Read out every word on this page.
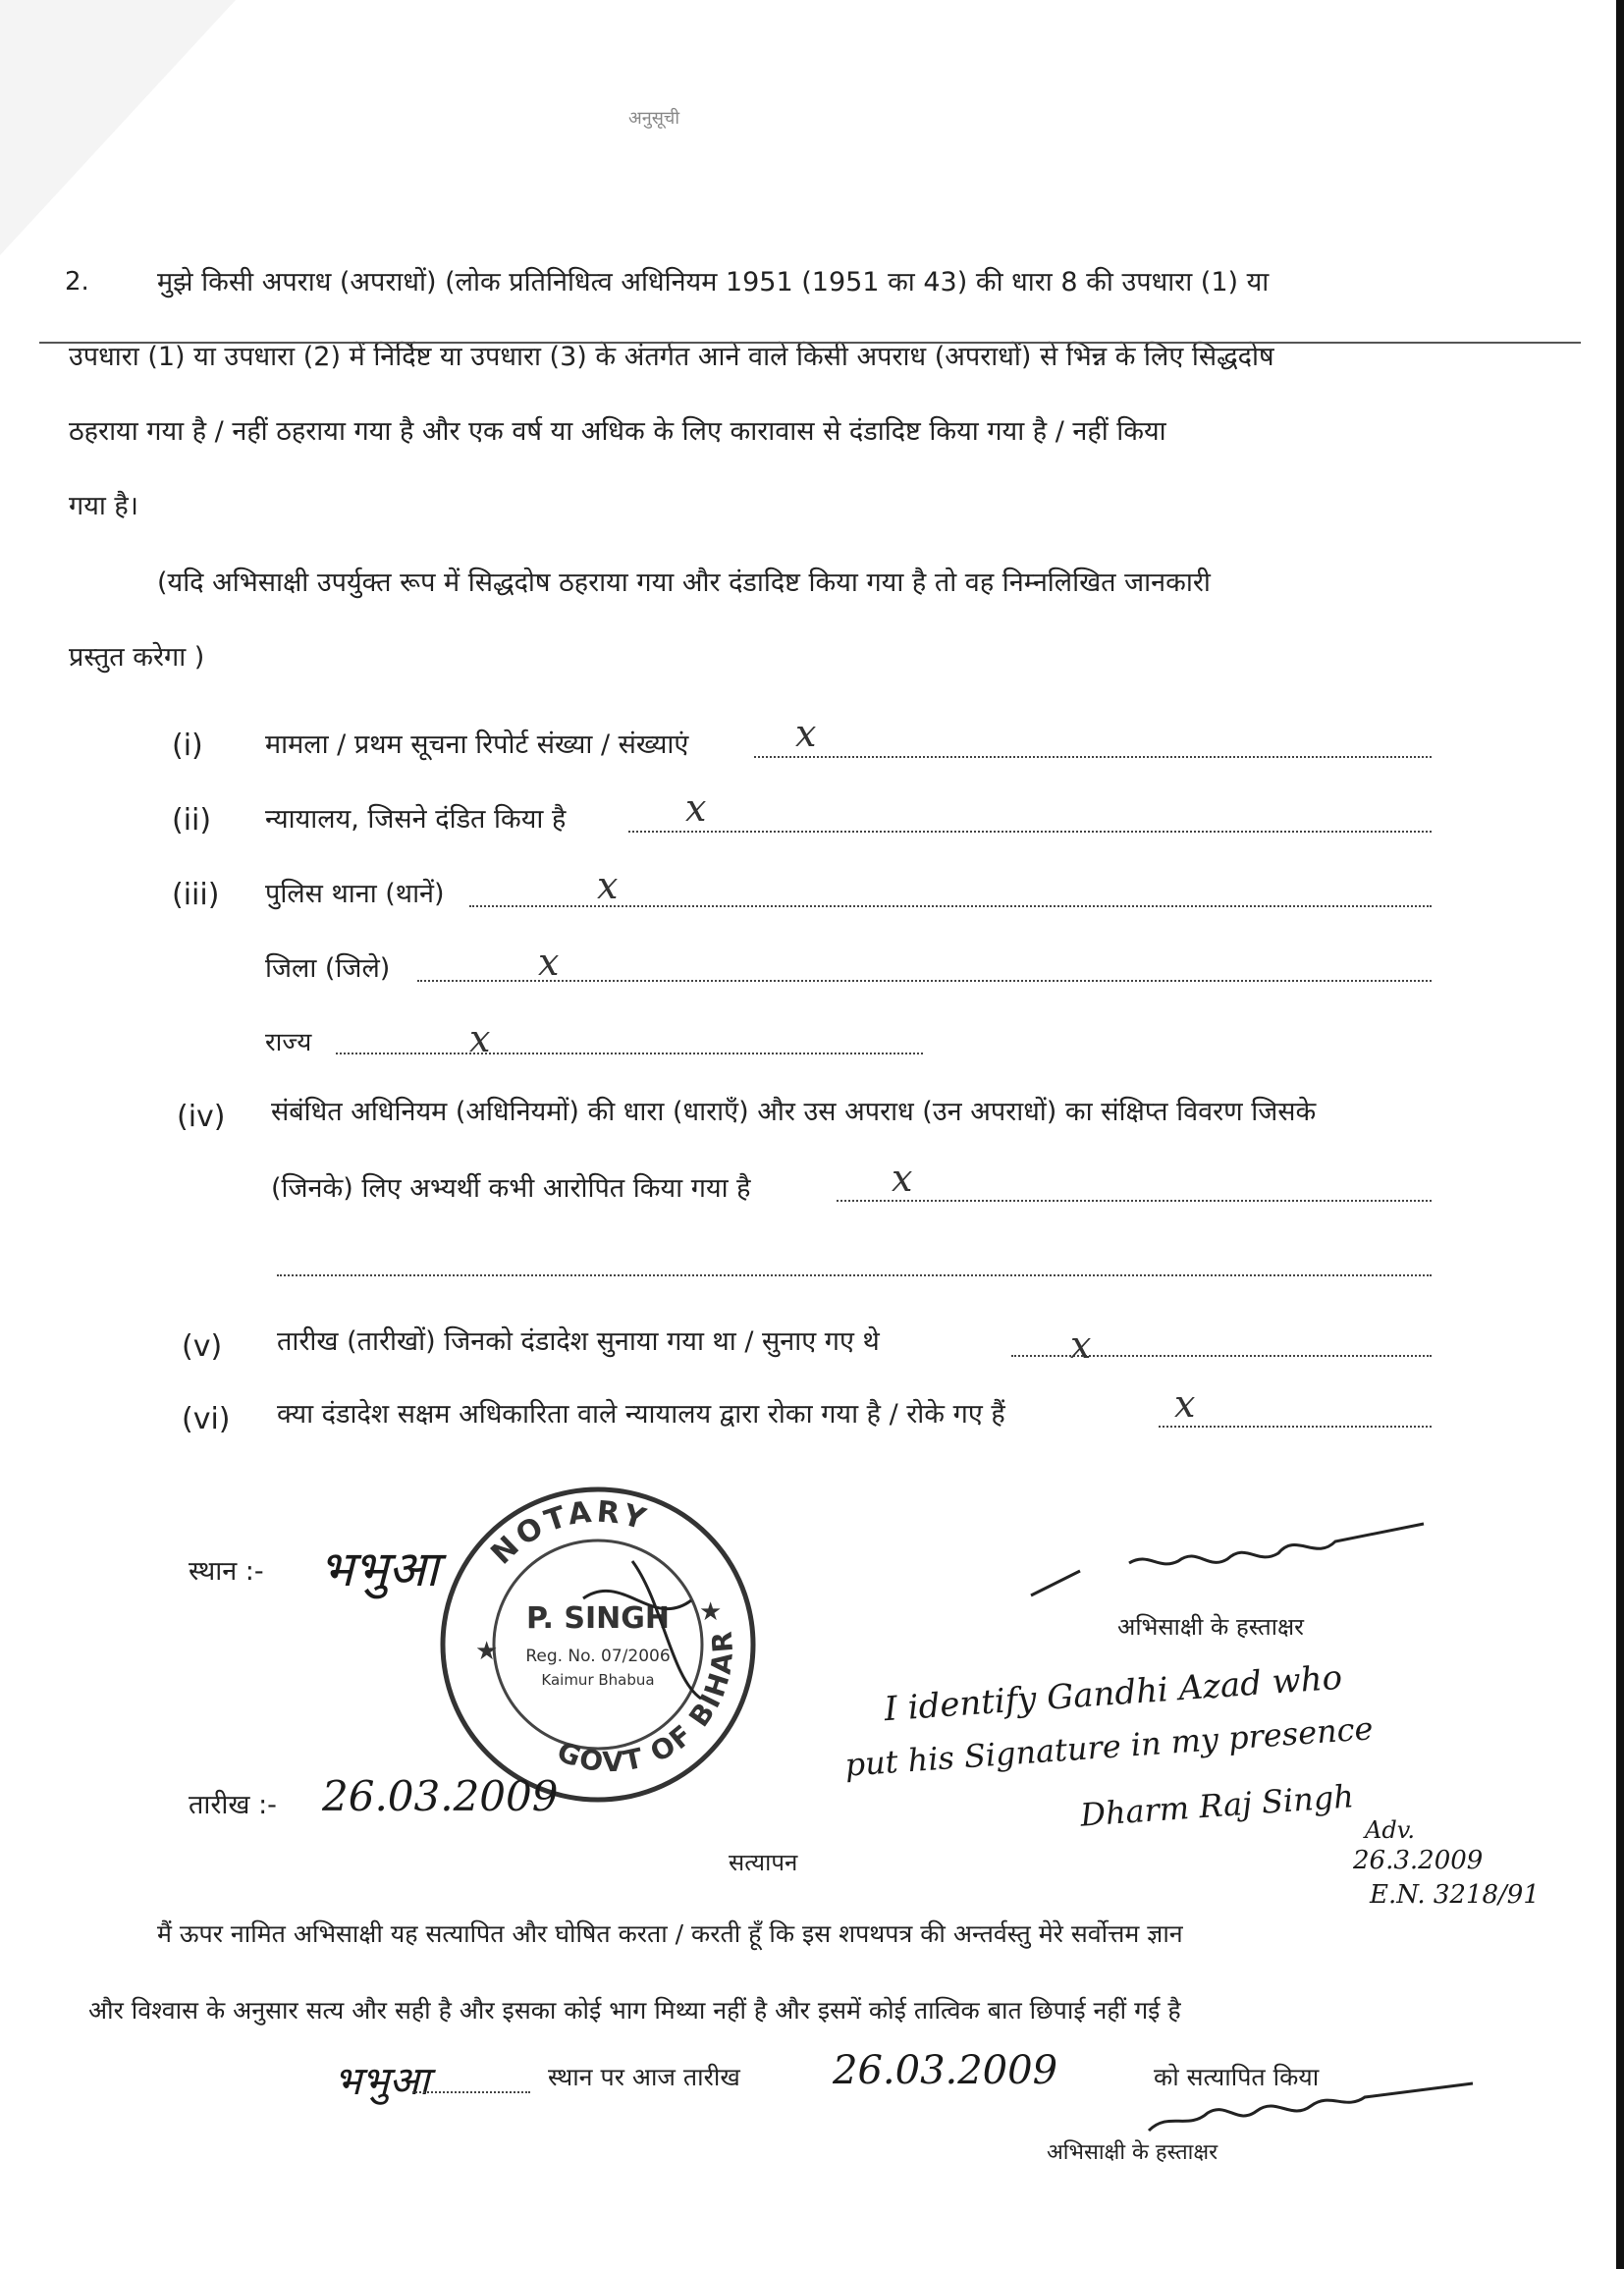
अनुसूची
2.	मुझे किसी अपराध (अपराधों) (लोक प्रतिनिधित्व अधिनियम 1951 (1951 का 43) की धारा 8 की उपधारा (1) या

उपधारा (1) या उपधारा (2) में निर्दिष्ट या उपधारा (3) के अंतर्गत आने वाले किसी अपराध (अपराधों) से भिन्न के लिए सिद्धदोष

ठहराया गया है / नहीं ठहराया गया है और एक वर्ष या अधिक के लिए कारावास से दंडादिष्ट किया गया है / नहीं किया

गया है।

(यदि अभिसाक्षी उपर्युक्त रूप में सिद्धदोष ठहराया गया और दंडादिष्ट किया गया है तो वह निम्नलिखित जानकारी

प्रस्तुत करेगा )

(i) मामला / प्रथम सूचना रिपोर्ट संख्या / संख्याएं	x
(ii) न्यायालय, जिसने दंडित किया है	x
(iii) पुलिस थाना (थानें)	x
जिला (जिले)	x
राज्य	x
(iv) संबंधित अधिनियम (अधिनियमों) की धारा (धाराएँ) और उस अपराध (उन अपराधों) का संक्षिप्त विवरण जिसके
(जिनके) लिए अभ्यर्थी कभी आरोपित किया गया है	x
(v) तारीख (तारीखों) जिनको दंडादेश सुनाया गया था / सुनाए गए थे	x
(vi) क्या दंडादेश सक्षम अधिकारिता वाले न्यायालय द्वारा रोका गया है / रोके गए हैं	x
स्थान :- भभुआ NOTARY
GOVT OF BIHAR
P. SINGH
Reg. No. 07/2006
Kaimur Bhabua
★
★	अभिसाक्षी के हस्ताक्षर
I identify Gandhi Azad who
put his Signature in my presence
Dharm Raj Singh Adv.
26.3.2009
E.N. 3218/91
तारीख :- 26.03.2009
सत्यापन

मैं ऊपर नामित अभिसाक्षी यह सत्यापित और घोषित करता / करती हूँ कि इस शपथपत्र की अन्तर्वस्तु मेरे सर्वोत्तम ज्ञान

और विश्वास के अनुसार सत्य और सही है और इसका कोई भाग मिथ्या नहीं है और इसमें कोई तात्विक बात छिपाई नहीं गई है

भभुआ	स्थान पर आज तारीख 26.03.2009	को सत्यापित किया
अभिसाक्षी के हस्ताक्षर
